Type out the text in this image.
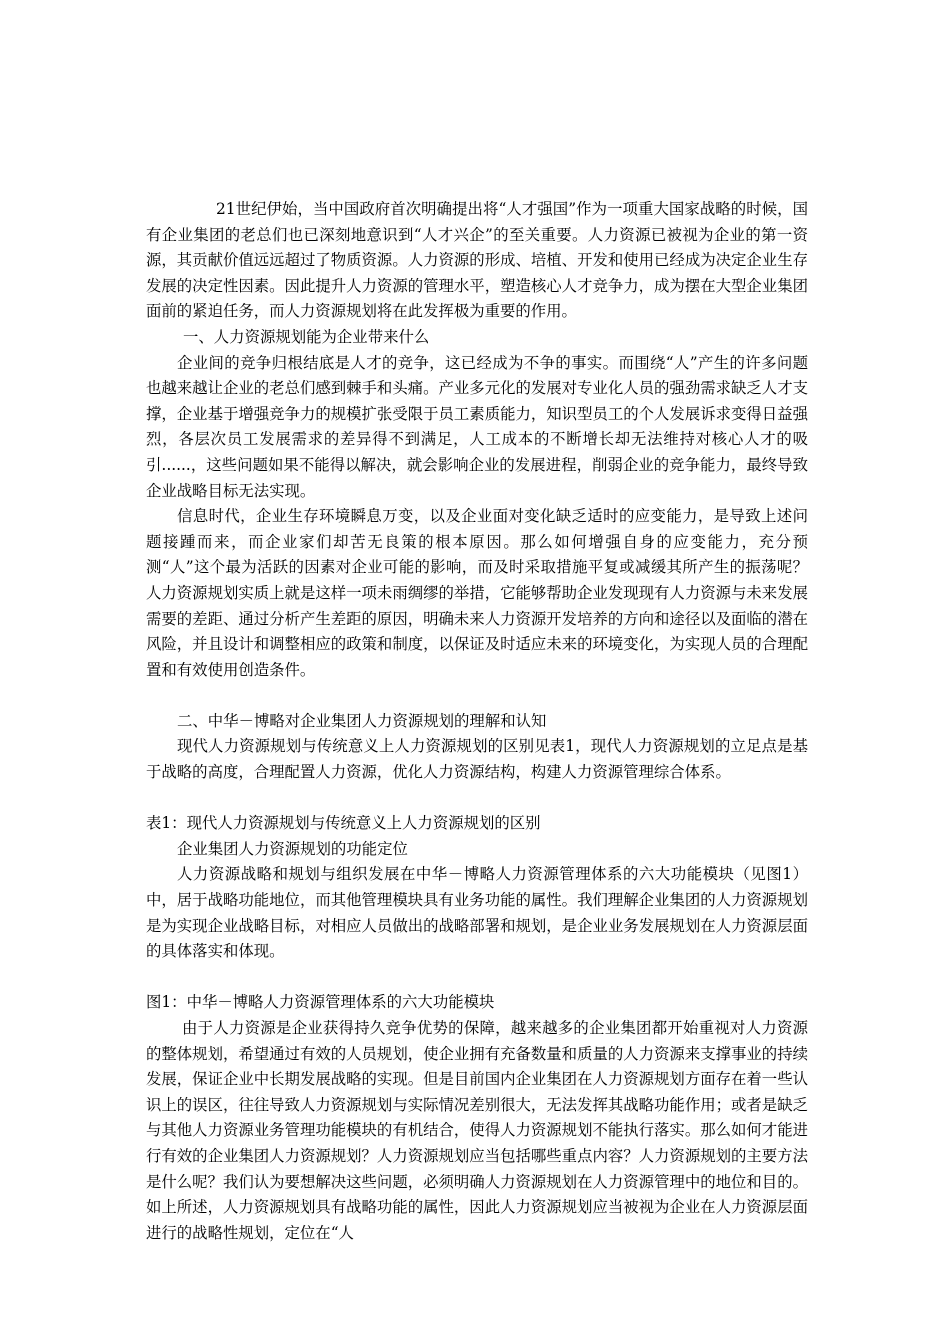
21世纪伊始，当中国政府首次明确提出将“人才强国”作为一项重大国家战略的时候，国有企业集团的老总们也已深刻地意识到“人才兴企”的至关重要。人力资源已被视为企业的第一资源，其贡献价值远远超过了物质资源。人力资源的形成、培植、开发和使用已经成为决定企业生存发展的决定性因素。因此提升人力资源的管理水平，塑造核心人才竞争力，成为摆在大型企业集团面前的紧迫任务，而人力资源规划将在此发挥极为重要的作用。

一、人力资源规划能为企业带来什么

企业间的竞争归根结底是人才的竞争，这已经成为不争的事实。而围绕“人”产生的许多问题也越来越让企业的老总们感到棘手和头痛。产业多元化的发展对专业化人员的强劲需求缺乏人才支撑，企业基于增强竞争力的规模扩张受限于员工素质能力，知识型员工的个人发展诉求变得日益强烈，各层次员工发展需求的差异得不到满足，人工成本的不断增长却无法维持对核心人才的吸引......，这些问题如果不能得以解决，就会影响企业的发展进程，削弱企业的竞争能力，最终导致企业战略目标无法实现。

信息时代，企业生存环境瞬息万变，以及企业面对变化缺乏适时的应变能力，是导致上述问题接踵而来，而企业家们却苦无良策的根本原因。那么如何增强自身的应变能力，充分预测“人”这个最为活跃的因素对企业可能的影响，而及时采取措施平复或减缓其所产生的振荡呢？人力资源规划实质上就是这样一项未雨绸缪的举措，它能够帮助企业发现现有人力资源与未来发展需要的差距、通过分析产生差距的原因，明确未来人力资源开发培养的方向和途径以及面临的潜在风险，并且设计和调整相应的政策和制度，以保证及时适应未来的环境变化，为实现人员的合理配置和有效使用创造条件。

二、中华－博略对企业集团人力资源规划的理解和认知

现代人力资源规划与传统意义上人力资源规划的区别见表1，现代人力资源规划的立足点是基于战略的高度，合理配置人力资源，优化人力资源结构，构建人力资源管理综合体系。

表1：现代人力资源规划与传统意义上人力资源规划的区别

企业集团人力资源规划的功能定位

人力资源战略和规划与组织发展在中华－博略人力资源管理体系的六大功能模块（见图1）中，居于战略功能地位，而其他管理模块具有业务功能的属性。我们理解企业集团的人力资源规划是为实现企业战略目标，对相应人员做出的战略部署和规划，是企业业务发展规划在人力资源层面的具体落实和体现。

图1：中华－博略人力资源管理体系的六大功能模块

由于人力资源是企业获得持久竞争优势的保障，越来越多的企业集团都开始重视对人力资源的整体规划，希望通过有效的人员规划，使企业拥有充备数量和质量的人力资源来支撑事业的持续发展，保证企业中长期发展战略的实现。但是目前国内企业集团在人力资源规划方面存在着一些认识上的误区，往往导致人力资源规划与实际情况差别很大，无法发挥其战略功能作用；或者是缺乏与其他人力资源业务管理功能模块的有机结合，使得人力资源规划不能执行落实。那么如何才能进行有效的企业集团人力资源规划？人力资源规划应当包括哪些重点内容？人力资源规划的主要方法是什么呢？我们认为要想解决这些问题，必须明确人力资源规划在人力资源管理中的地位和目的。如上所述，人力资源规划具有战略功能的属性，因此人力资源规划应当被视为企业在人力资源层面进行的战略性规划，定位在“人
